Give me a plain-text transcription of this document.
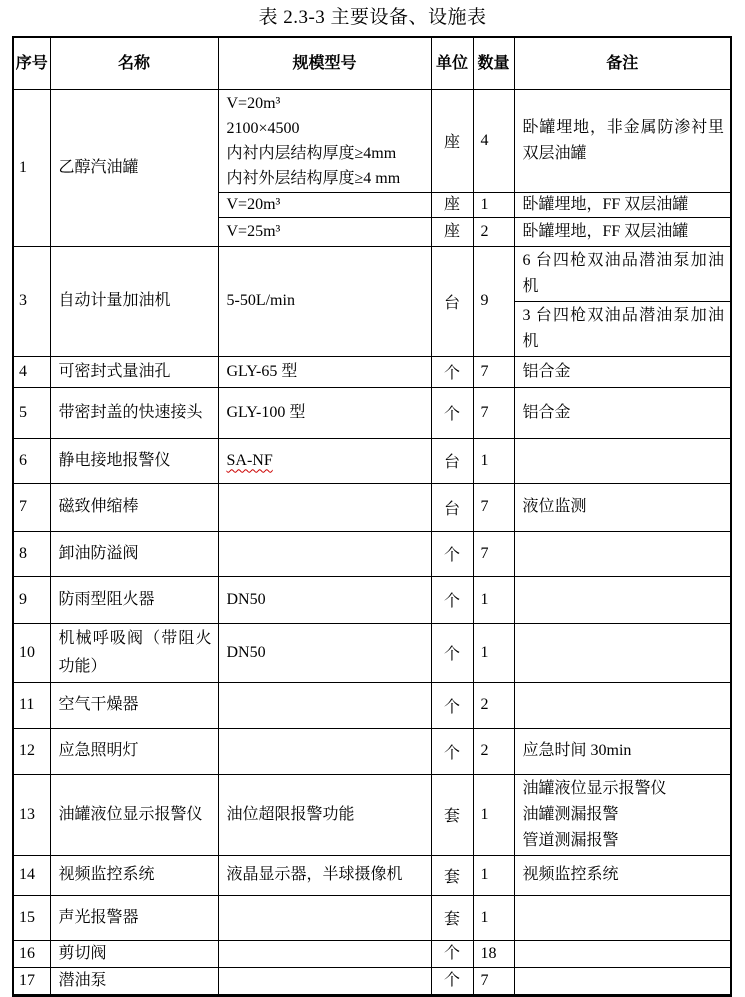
表 2.3-3 主要设备、设施表
序号	名称	规模型号	单位	数量	备注
1	乙醇汽油罐	V=20m³
2100×4500
内衬内层结构厚度≥4mm
内衬外层结构厚度≥4 mm	座	4	卧罐埋地，非金属防渗衬里双层油罐
		V=20m³	座	1	卧罐埋地，FF 双层油罐
		V=25m³	座	2	卧罐埋地，FF 双层油罐
3	自动计量加油机	5-50L/min	台	9	6 台四枪双油品潜油泵加油机
					3 台四枪双油品潜油泵加油机
4	可密封式量油孔	GLY-65 型	个	7	铝合金
5	带密封盖的快速接头	GLY-100 型	个	7	铝合金
6	静电接地报警仪	SA-NF	台	1	
7	磁致伸缩棒		台	7	液位监测
8	卸油防溢阀		个	7	
9	防雨型阻火器	DN50	个	1	
10	机械呼吸阀（带阻火功能）	DN50	个	1	
11	空气干燥器		个	2	
12	应急照明灯		个	2	应急时间 30min
13	油罐液位显示报警仪	油位超限报警功能	套	1	油罐液位显示报警仪
油罐测漏报警
管道测漏报警

14	视频监控系统	液晶显示器，半球摄像机	套	1	视频监控系统
15	声光报警器		套	1	
16	剪切阀		个	18	
17	潜油泵		个	7	
